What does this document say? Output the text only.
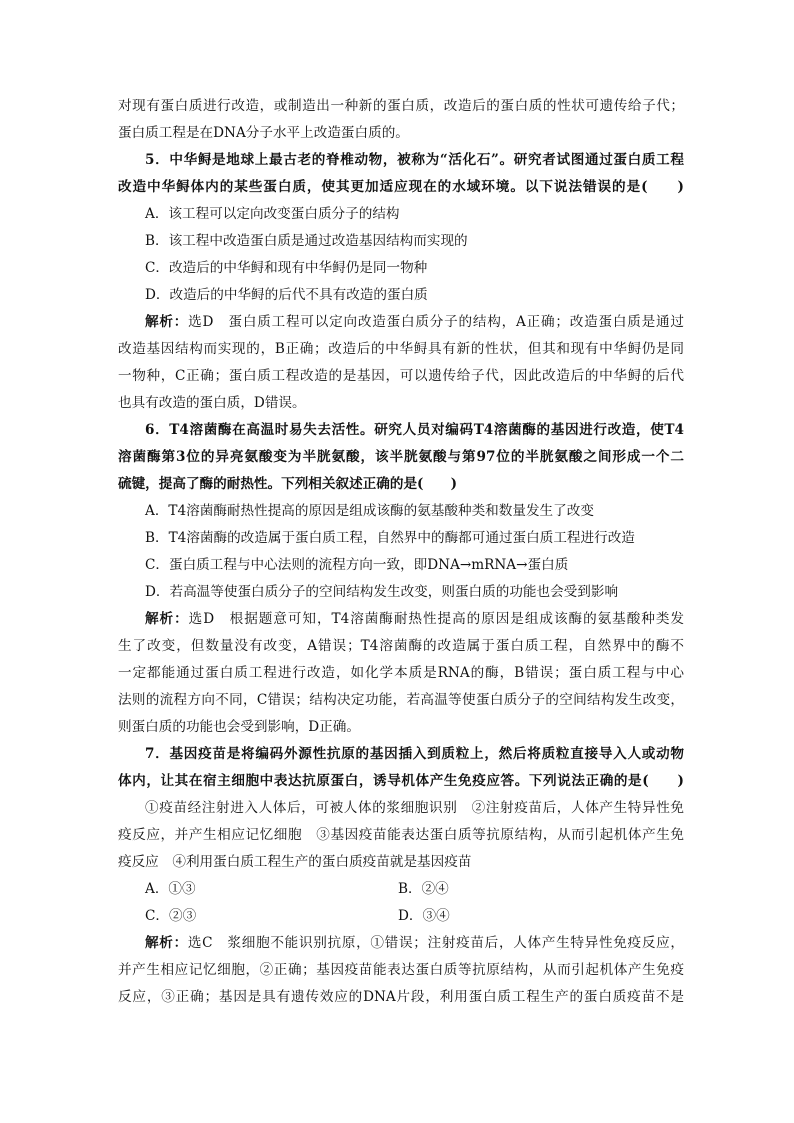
对现有蛋白质进行改造，或制造出一种新的蛋白质，改造后的蛋白质的性状可遗传给子代；
蛋白质工程是在DNA分子水平上改造蛋白质的。
5．中华鲟是地球上最古老的脊椎动物，被称为“活化石”。研究者试图通过蛋白质工程
改造中华鲟体内的某些蛋白质，使其更加适应现在的水域环境。以下说法错误的是(　　)
A．该工程可以定向改变蛋白质分子的结构
B．该工程中改造蛋白质是通过改造基因结构而实现的
C．改造后的中华鲟和现有中华鲟仍是同一物种
D．改造后的中华鲟的后代不具有改造的蛋白质
解析：选D　蛋白质工程可以定向改造蛋白质分子的结构，A正确；改造蛋白质是通过
改造基因结构而实现的，B正确；改造后的中华鲟具有新的性状，但其和现有中华鲟仍是同
一物种，C正确；蛋白质工程改造的是基因，可以遗传给子代，因此改造后的中华鲟的后代
也具有改造的蛋白质，D错误。
6．T4溶菌酶在高温时易失去活性。研究人员对编码T4溶菌酶的基因进行改造，使T4
溶菌酶第3位的异亮氨酸变为半胱氨酸，该半胱氨酸与第97位的半胱氨酸之间形成一个二
硫键，提高了酶的耐热性。下列相关叙述正确的是(　　)
A．T4溶菌酶耐热性提高的原因是组成该酶的氨基酸种类和数量发生了改变
B．T4溶菌酶的改造属于蛋白质工程，自然界中的酶都可通过蛋白质工程进行改造
C．蛋白质工程与中心法则的流程方向一致，即DNA→mRNA→蛋白质
D．若高温等使蛋白质分子的空间结构发生改变，则蛋白质的功能也会受到影响
解析：选D　根据题意可知，T4溶菌酶耐热性提高的原因是组成该酶的氨基酸种类发
生了改变，但数量没有改变，A错误；T4溶菌酶的改造属于蛋白质工程，自然界中的酶不
一定都能通过蛋白质工程进行改造，如化学本质是RNA的酶，B错误；蛋白质工程与中心
法则的流程方向不同，C错误；结构决定功能，若高温等使蛋白质分子的空间结构发生改变，
则蛋白质的功能也会受到影响，D正确。
7．基因疫苗是将编码外源性抗原的基因插入到质粒上，然后将质粒直接导入人或动物
体内，让其在宿主细胞中表达抗原蛋白，诱导机体产生免疫应答。下列说法正确的是(　　)
①疫苗经注射进入人体后，可被人体的浆细胞识别　②注射疫苗后，人体产生特异性免
疫反应，并产生相应记忆细胞　③基因疫苗能表达蛋白质等抗原结构，从而引起机体产生免
疫反应　④利用蛋白质工程生产的蛋白质疫苗就是基因疫苗
A．①③	B．②④
C．②③	D．③④
解析：选C　浆细胞不能识别抗原，①错误；注射疫苗后，人体产生特异性免疫反应，
并产生相应记忆细胞，②正确；基因疫苗能表达蛋白质等抗原结构，从而引起机体产生免疫
反应，③正确；基因是具有遗传效应的DNA片段，利用蛋白质工程生产的蛋白质疫苗不是
